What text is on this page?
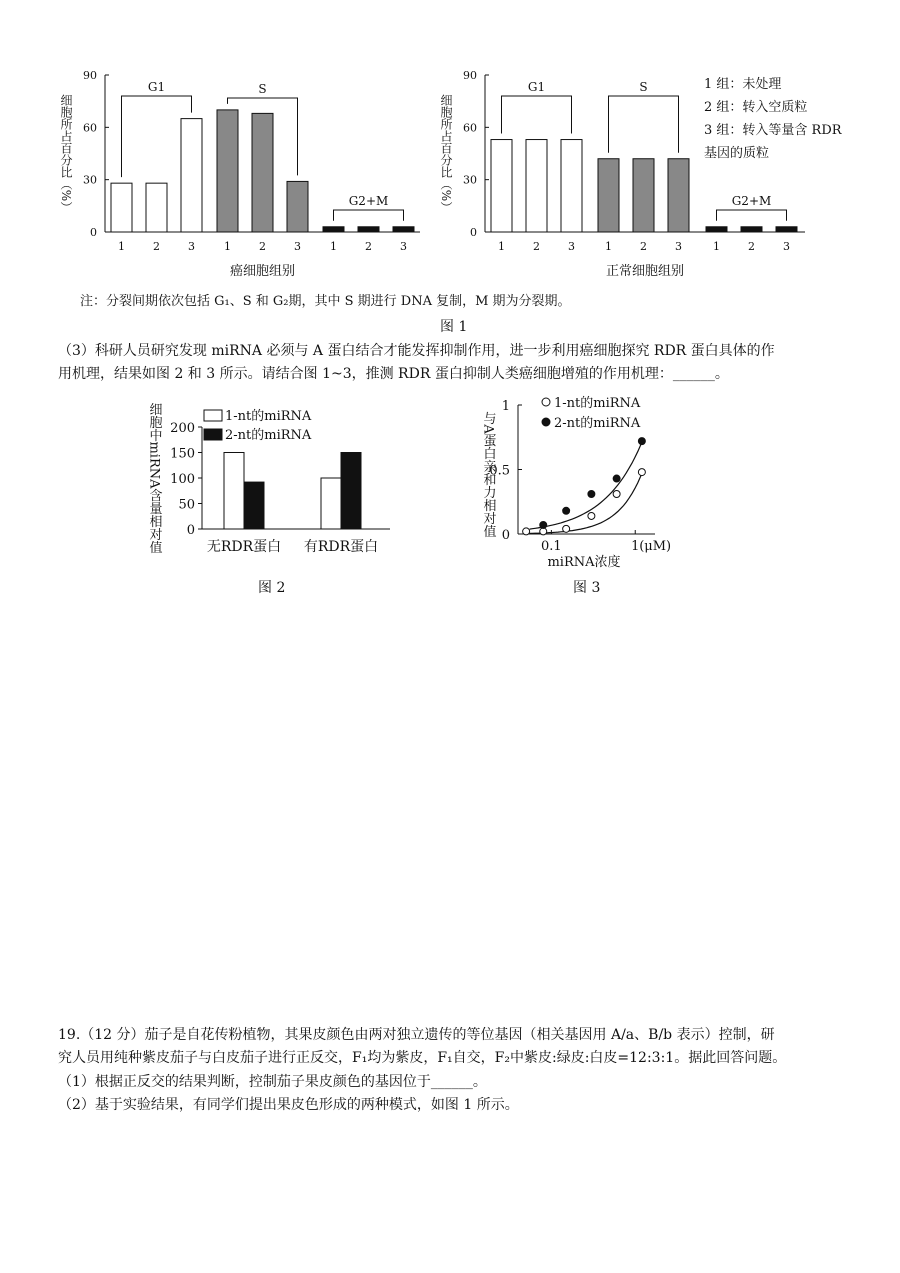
0
30
60
90
细胞所占百分比（%）
1	2	3
G1
1	2	3
S
1	2	3
G2+M
癌细胞组别
0
30
60
90
细胞所占百分比（%）
1	2	3
G1
1	2	3
S
1	2	3
G2+M
正常细胞组别
1 组：未处理
2 组：转入空质粒
3 组：转入等量含 RDR
基因的质粒
注：分裂间期依次包括 G₁、S 和 G₂期，其中 S 期进行 DNA 复制，M 期为分裂期。
图 1
（3）科研人员研究发现 miRNA 必须与 A 蛋白结合才能发挥抑制作用，进一步利用癌细胞探究 RDR 蛋白具体的作
用机理，结果如图 2 和 3 所示。请结合图 1~3，推测 RDR 蛋白抑制人类癌细胞增殖的作用机理：______。
0
50
100
150
200
细胞中miRNA含量相对值	无RDR蛋白 有RDR蛋白
1-nt的miRNA
2-nt的miRNA
图 2
0
0.5
1
0.1	1 (μM)
miRNA浓度
与A蛋白亲和力相对值
1-nt的miRNA
2-nt的miRNA
图 3
19.（12 分）茄子是自花传粉植物，其果皮颜色由两对独立遗传的等位基因（相关基因用 A/a、B/b 表示）控制，研
究人员用纯种紫皮茄子与白皮茄子进行正反交，F₁均为紫皮，F₁自交，F₂中紫皮:绿皮:白皮=12:3:1。据此回答问题。
（1）根据正反交的结果判断，控制茄子果皮颜色的基因位于______。
（2）基于实验结果，有同学们提出果皮色形成的两种模式，如图 1 所示。
